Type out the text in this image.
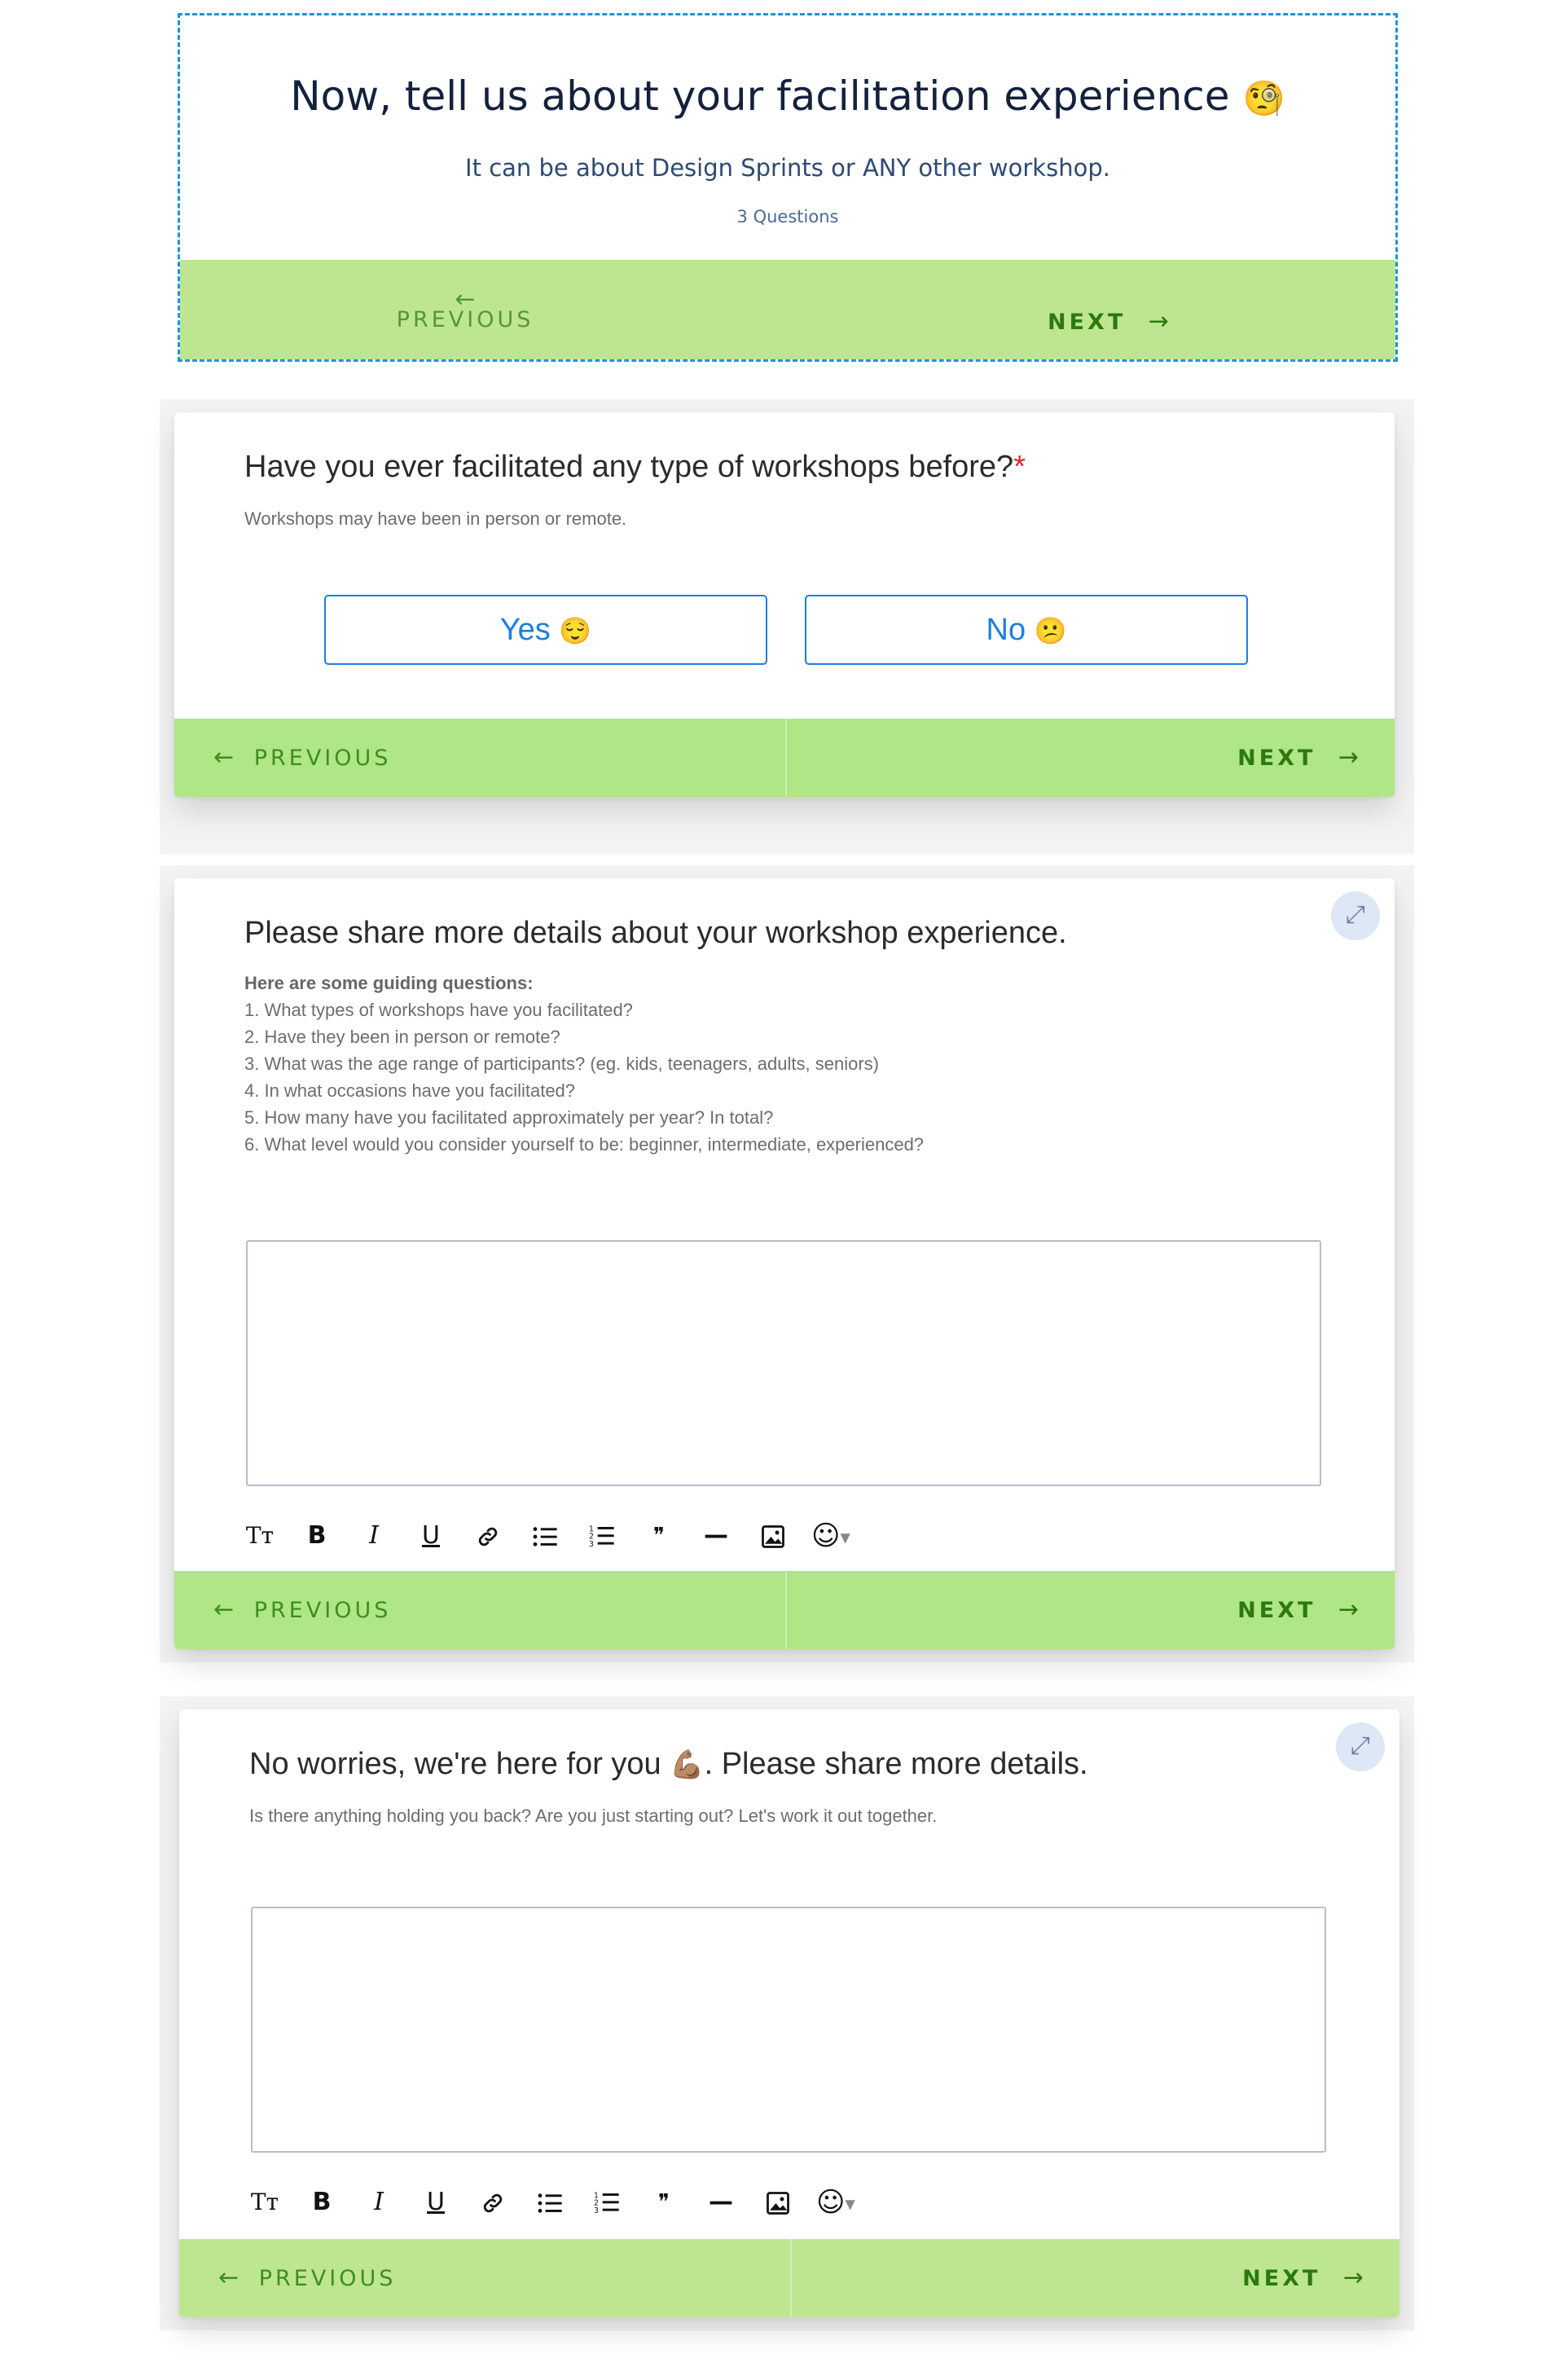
Now, tell us about your facilitation experience 🧐
It can be about Design Sprints or ANY other workshop.
3 Questions
←
PREVIOUS	NEXT →
Have you ever facilitated any type of workshops before?*
Workshops may have been in person or remote.
Yes 😌	No 😕
← PREVIOUS	NEXT →
⤢
Please share more details about your workshop experience.
Here are some guiding questions:
1. What types of workshops have you facilitated?
2. Have they been in person or remote?
3. What was the age range of participants? (eg. kids, teenagers, adults, seniors)
4. In what occasions have you facilitated?
5. How many have you facilitated approximately per year? In total?
6. What level would you consider yourself to be: beginner, intermediate, experienced?
Tт	B	I	U	1
2
3	❞	—	☺▼
← PREVIOUS	NEXT →
⤢
No worries, we're here for you 💪🏽. Please share more details.
Is there anything holding you back? Are you just starting out? Let's work it out together.
Tт	B	I	U	1
2
3	❞	—	☺▼
← PREVIOUS	NEXT →
